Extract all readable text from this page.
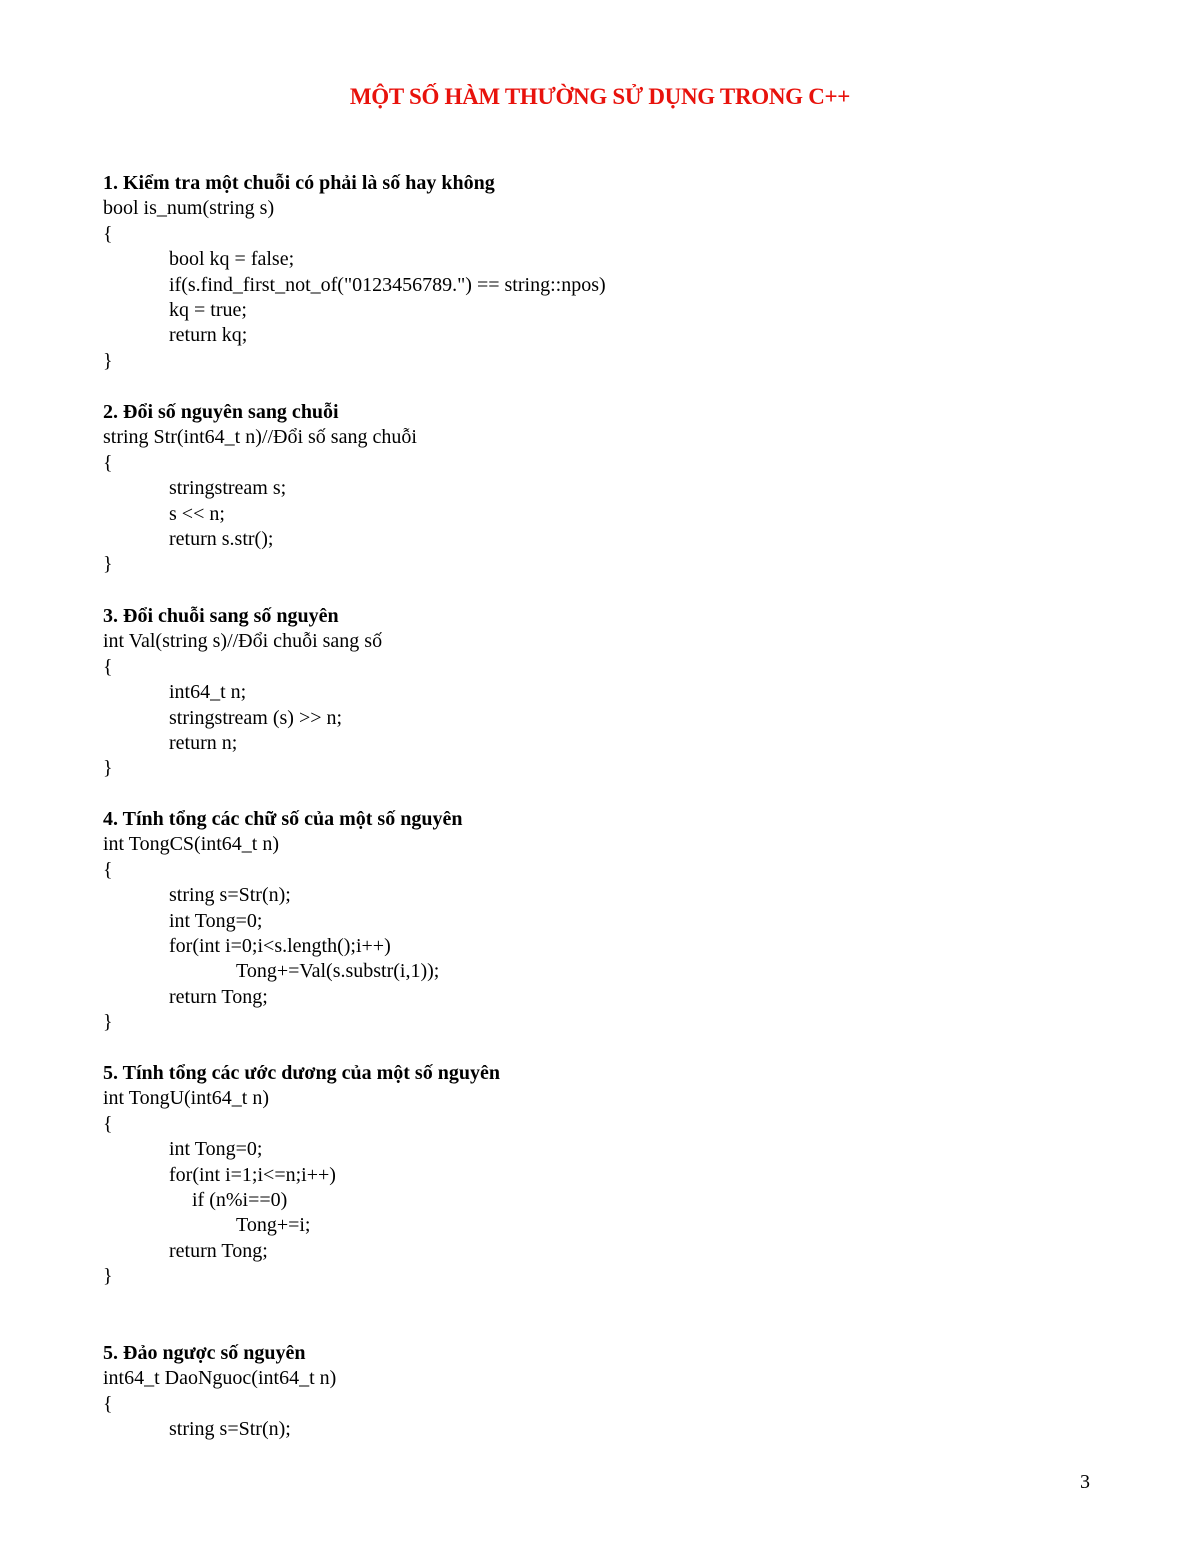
MỘT SỐ HÀM THƯỜNG SỬ DỤNG TRONG C++
1. Kiểm tra một chuỗi có phải là số hay không
bool is_num(string s)
{
bool kq = false;
if(s.find_first_not_of("0123456789.") == string::npos)
kq = true;
return kq;
}
2. Đổi số nguyên sang chuỗi
string Str(int64_t n)//Đổi số sang chuỗi
{
stringstream s;
s << n;
return s.str();
}
3. Đổi chuỗi sang số nguyên
int Val(string s)//Đổi chuỗi sang số
{
int64_t n;
stringstream (s) >> n;
return n;
}
4. Tính tổng các chữ số của một số nguyên
int TongCS(int64_t n)
{
string s=Str(n);
int Tong=0;
for(int i=0;i<s.length();i++)
Tong+=Val(s.substr(i,1));
return Tong;
}
5. Tính tổng các ước dương của một số nguyên
int TongU(int64_t n)
{
int Tong=0;
for(int i=1;i<=n;i++)
if (n%i==0)
Tong+=i;
return Tong;
}
5. Đảo ngược số nguyên
int64_t DaoNguoc(int64_t n)
{
string s=Str(n);
3
